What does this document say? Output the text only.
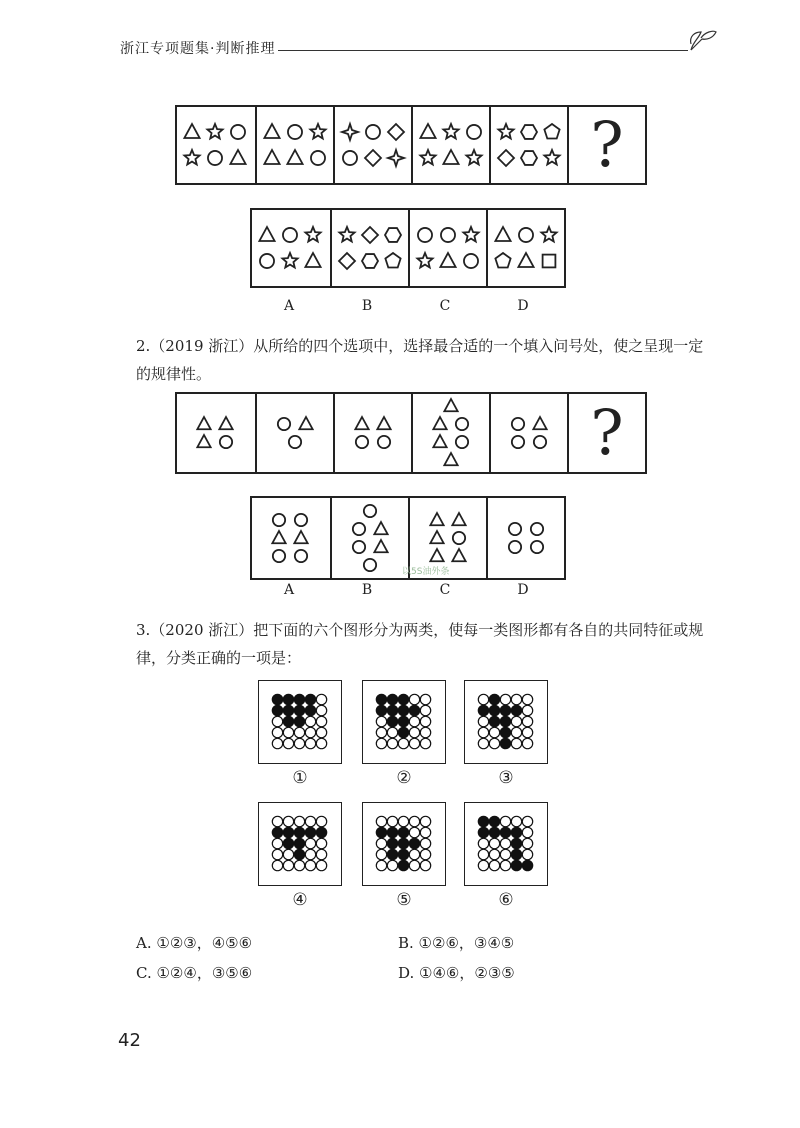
浙江专项题集·判断推理
?
A	B	C	D
2.（2019 浙江）从所给的四个选项中，选择最合适的一个填入问号处，使之呈现一定的规律性。
?
A	B	C	D
以5S油外条
3.（2020 浙江）把下面的六个图形分为两类，使每一类图形都有各自的共同特征或规律，分类正确的一项是：
①	②	③
④	⑤	⑥
A. ①②③，④⑤⑥	B. ①②⑥，③④⑤
C. ①②④，③⑤⑥	D. ①④⑥，②③⑤
42
